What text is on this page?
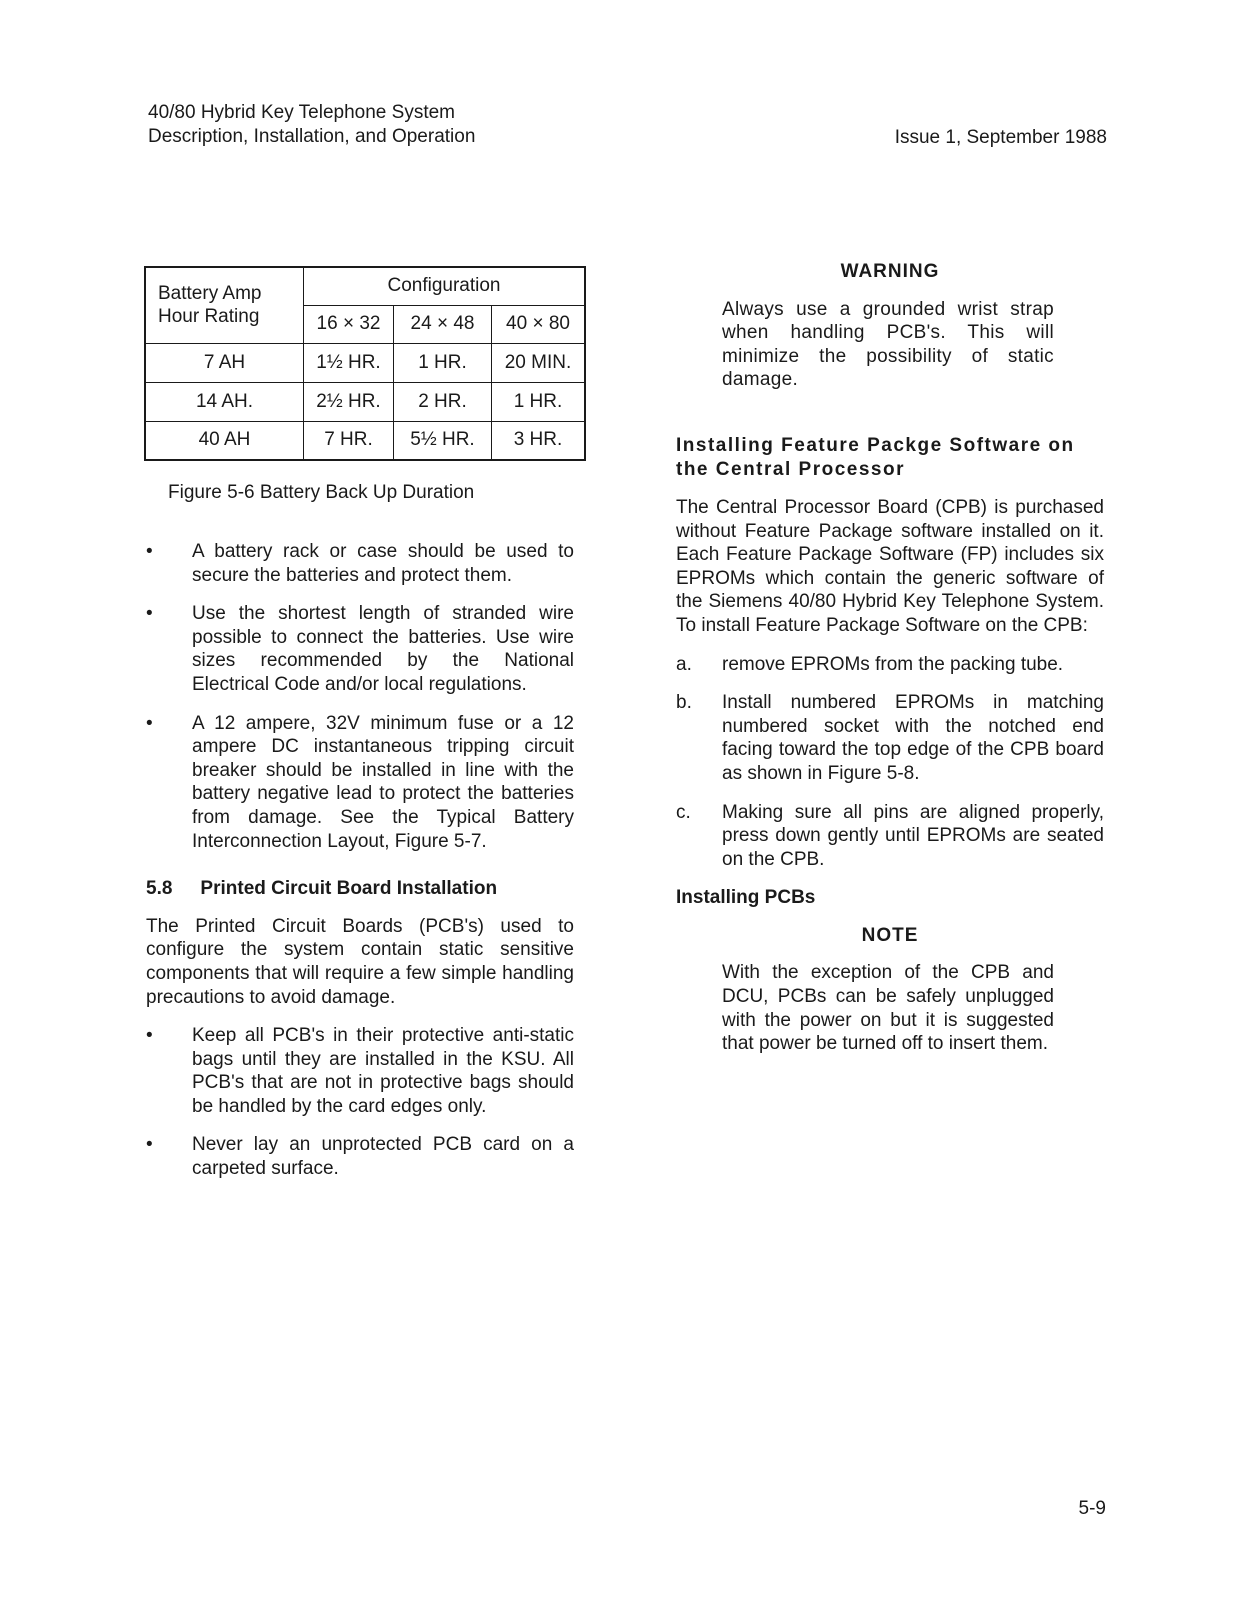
40/80 Hybrid Key Telephone System
Description, Installation, and Operation	Issue 1, September 1988
Battery Amp Hour Rating	Configuration		
	16 × 32	24 × 48	40 × 80
7 AH	1½ HR.	1 HR.	20 MIN.
14 AH.	2½ HR.	2 HR.	1 HR.
40 AH	7 HR.	5½ HR.	3 HR.
Figure 5-6 Battery Back Up Duration
• A battery rack or case should be used to secure the batteries and protect them.
• Use the shortest length of stranded wire possible to connect the batteries. Use wire sizes recommended by the National Electrical Code and/or local regulations.
• A 12 ampere, 32V minimum fuse or a 12 ampere DC instantaneous tripping circuit breaker should be installed in line with the battery negative lead to protect the batteries from damage. See the Typical Battery Interconnection Layout, Figure 5-7.
5.8 Printed Circuit Board Installation

The Printed Circuit Boards (PCB's) used to configure the system contain static sensitive components that will require a few simple handling precautions to avoid damage.

• Keep all PCB's in their protective anti-static bags until they are installed in the KSU. All PCB's that are not in protective bags should be handled by the card edges only.
• Never lay an unprotected PCB card on a carpeted surface.
WARNING

Always use a grounded wrist strap when handling PCB's. This will minimize the possibility of static damage.

Installing Feature Packge Software on the Central Processor

The Central Processor Board (CPB) is purchased without Feature Package software installed on it. Each Feature Package Software (FP) includes six EPROMs which contain the generic software of the Siemens 40/80 Hybrid Key Telephone System. To install Feature Package Software on the CPB:

a. remove EPROMs from the packing tube.
b. Install numbered EPROMs in matching numbered socket with the notched end facing toward the top edge of the CPB board as shown in Figure 5-8.
c. Making sure all pins are aligned properly, press down gently until EPROMs are seated on the CPB.
Installing PCBs
NOTE

With the exception of the CPB and DCU, PCBs can be safely unplugged with the power on but it is suggested that power be turned off to insert them.

5-9
